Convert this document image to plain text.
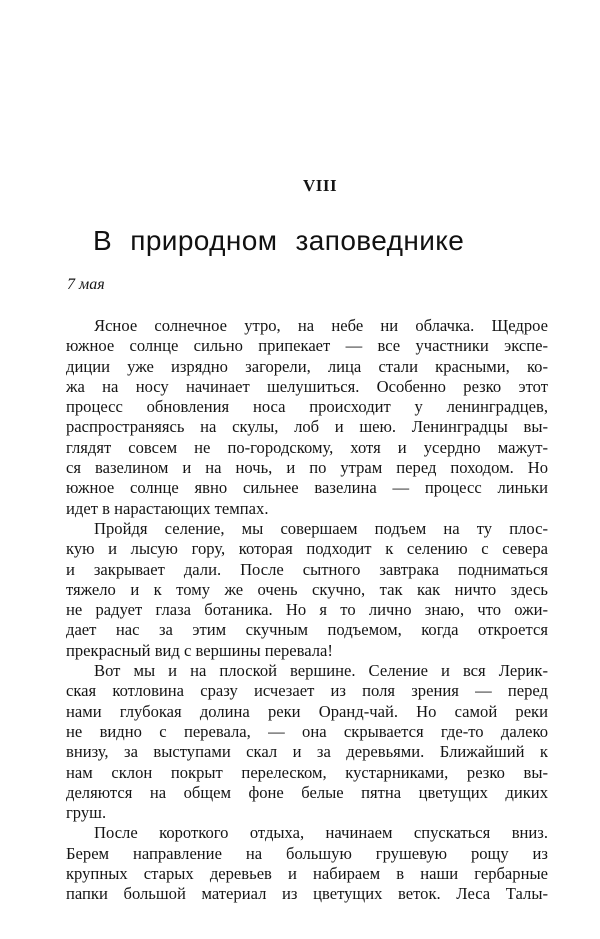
VIII
В природном заповеднике
7 мая
Ясное солнечное утро, на небе ни облачка. Щедрое
южное солнце сильно припекает — все участники экспе-
диции уже изрядно загорели, лица стали красными, ко-
жа на носу начинает шелушиться. Особенно резко этот
процесс обновления носа происходит у ленинградцев,
распространяясь на скулы, лоб и шею. Ленинградцы вы-
глядят совсем не по-городскому, хотя и усердно мажут-
ся вазелином и на ночь, и по утрам перед походом. Но
южное солнце явно сильнее вазелина — процесс линьки
идет в нарастающих темпах.
Пройдя селение, мы совершаем подъем на ту плос-
кую и лысую гору, которая подходит к селению с севера
и закрывает дали. После сытного завтрака подниматься
тяжело и к тому же очень скучно, так как ничто здесь
не радует глаза ботаника. Но я то лично знаю, что ожи-
дает нас за этим скучным подъемом, когда откроется
прекрасный вид с вершины перевала!
Вот мы и на плоской вершине. Селение и вся Лерик-
ская котловина сразу исчезает из поля зрения — перед
нами глубокая долина реки Оранд-чай. Но самой реки
не видно с перевала, — она скрывается где-то далеко
внизу, за выступами скал и за деревьями. Ближайший к
нам склон покрыт перелеском, кустарниками, резко вы-
деляются на общем фоне белые пятна цветущих диких
груш.
После короткого отдыха, начинаем спускаться вниз.
Берем направление на большую грушевую рощу из
крупных старых деревьев и набираем в наши гербарные
папки большой материал из цветущих веток. Леса Талы-
